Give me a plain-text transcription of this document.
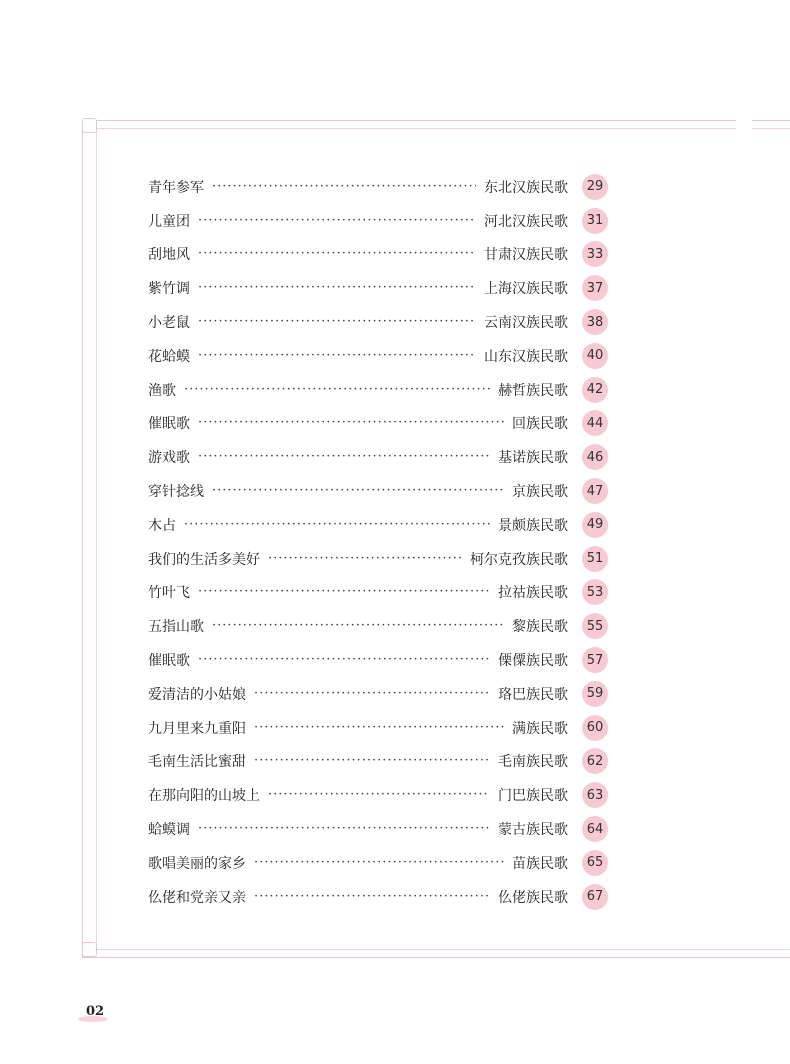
青年参军 ·····	东北汉族民歌	29
儿童团 ·····	河北汉族民歌	31
刮地风 ·····	甘肃汉族民歌	33
紫竹调 ·····	上海汉族民歌	37
小老鼠 ·····	云南汉族民歌	38
花蛤蟆 ·····	山东汉族民歌	40
渔歌 ·····	赫哲族民歌	42
催眠歌 ·····	回族民歌	44
游戏歌 ·····	基诺族民歌	46
穿针捻线 ·····	京族民歌	47
木占 ·····	景颇族民歌	49
我们的生活多美好 ·····	柯尔克孜族民歌	51
竹叶飞 ·····	拉祜族民歌	53
五指山歌 ·····	黎族民歌	55
催眠歌 ·····	傈僳族民歌	57
爱清洁的小姑娘 ·····	珞巴族民歌	59
九月里来九重阳 ·····	满族民歌	60
毛南生活比蜜甜 ·····	毛南族民歌	62
在那向阳的山坡上 ·····	门巴族民歌	63
蛤蟆调 ·····	蒙古族民歌	64
歌唱美丽的家乡 ·····	苗族民歌	65
仫佬和党亲又亲 ·····	仫佬族民歌	67
02
